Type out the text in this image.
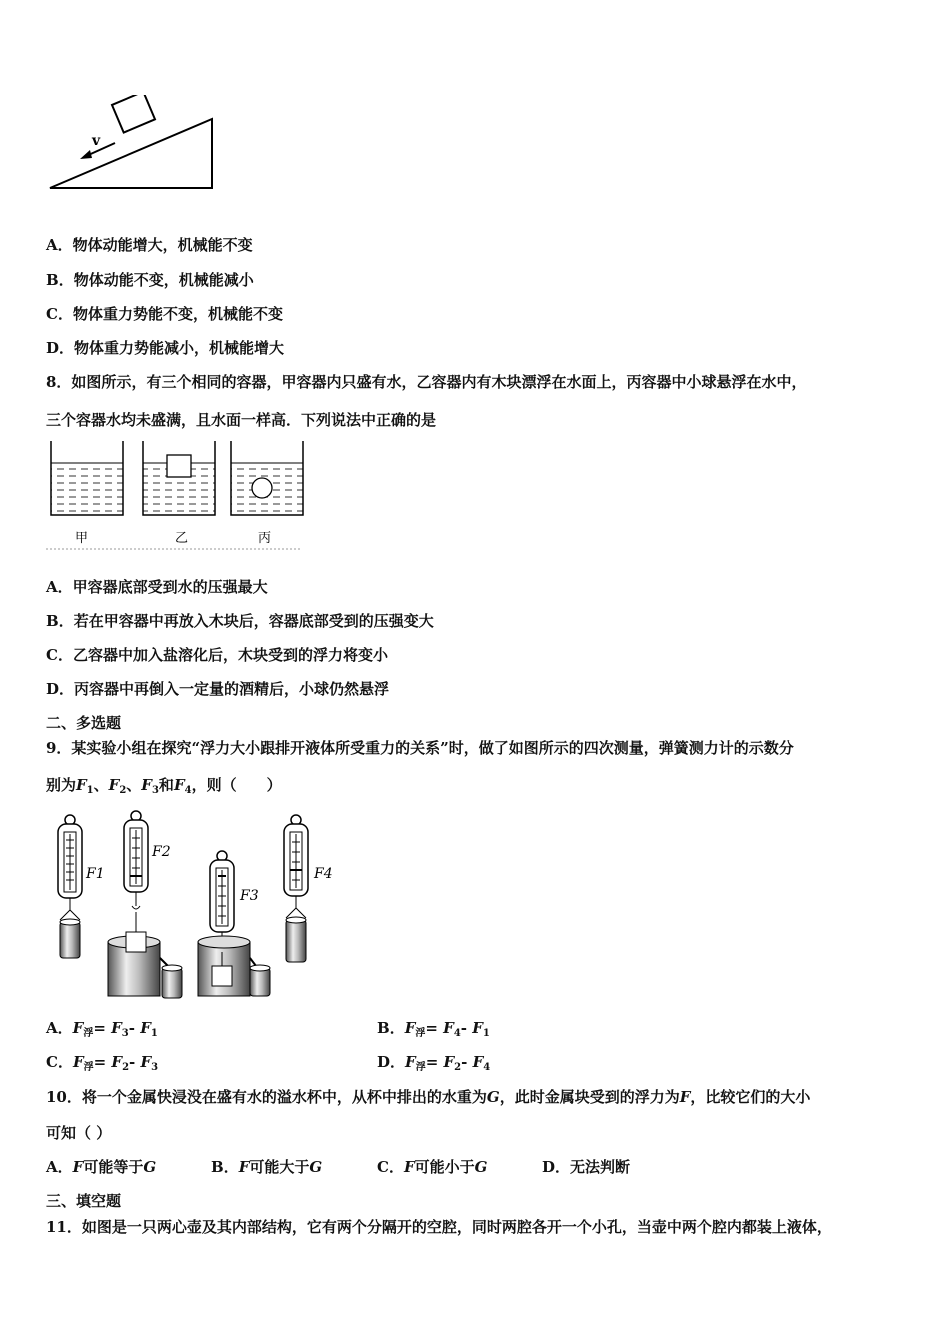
v
A．物体动能增大，机械能不变
B．物体动能不变，机械能减小
C．物体重力势能不变，机械能不变
D．物体重力势能减小，机械能增大
8．如图所示，有三个相同的容器，甲容器内只盛有水，乙容器内有木块漂浮在水面上，丙容器中小球悬浮在水中，
三个容器水均未盛满，且水面一样高．下列说法中正确的是
甲	乙	丙
A．甲容器底部受到水的压强最大
B．若在甲容器中再放入木块后，容器底部受到的压强变大
C．乙容器中加入盐溶化后，木块受到的浮力将变小
D．丙容器中再倒入一定量的酒精后，小球仍然悬浮
二、多选题
9．某实验小组在探究“浮力大小跟排开液体所受重力的关系”时，做了如图所示的四次测量，弹簧测力计的示数分
别为$F_1$、$F_2$、$F_3$和$F_4$，则（　　）
F1
F2
F3
F4
A．$F_浮= F_3-$ $F_1$	B．$F_浮= F_4-$ $F_1$
C．$F_浮= F_2-$ $F_3$	D．$F_浮= F_2-$ $F_4$
10．将一个金属快浸没在盛有水的溢水杯中，从杯中排出的水重为G，此时金属块受到的浮力为F，比较它们的大小
可知（ ）
A．F可能等于G	B．F可能大于G	C．F可能小于G	D．无法判断
三、填空题
11．如图是一只两心壶及其内部结构，它有两个分隔开的空腔，同时两腔各开一个小孔，当壶中两个腔内都装上液体，
